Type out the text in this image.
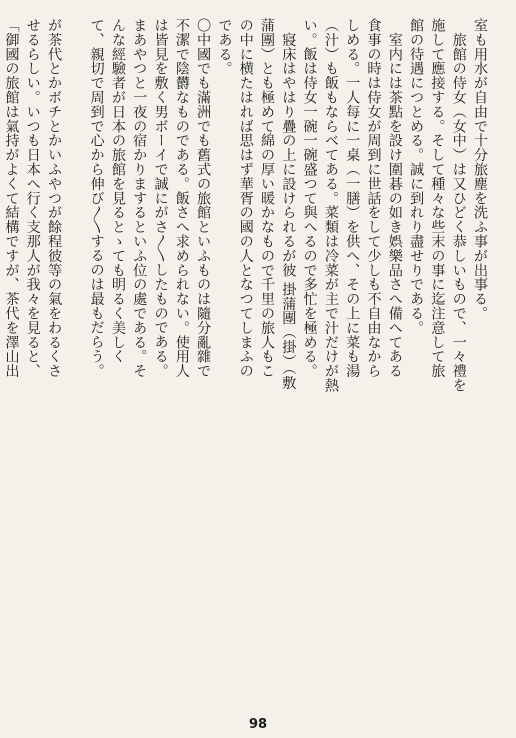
室も用水が自由で十分旅塵を洗ふ事が出事る。
　旅館の侍女（女中）は又ひどく恭しいもので、一々禮を
施して應接する。そして種々な些末の事に迄注意して旅
館の待遇につとめる。誠に到れり盡せりである。
　室内には茶點を設け圍碁の如き娯樂品さへ備へてある
食事の時は侍女が周到に世話をして少しも不自由なから
しめる。一人每に一桌（一膳）を供へ、その上に菜も湯
（汁）も飯もならべてある。菜類は冷菜が主で汁だけが熱
い。飯は侍女一碗一碗盛つて與へるので多忙を極める。
　寢床はやはり疊の上に設けられるが彼 掛蒲團（掛）（敷
蒲團）とも極めて綿の厚い暖かなもので千里の旅人もこ
の中に横たはれば思はず華胥の國の人となつてしまふの
である。
〇中國でも滿洲でも舊式の旅館といふものは隨分亂雜で
不潔で陰欝なものである。飯さへ求められない。使用人
は皆見を敷く男ボーイで誠にがさ〳〵したものである。
まあやつと一夜の宿かりまするといふ位の處である。そ
んな經驗者が日本の旅館を見るとゝても明るく美しく
て、親切で周到で心から伸び〳〵するのは最もだらう。

が茶代とかボチとかいふやつが餘程彼等の氣をわるくさ
せるらしい。いつも日本へ行く支那人が我々を見ると、
「御國の旅館は氣持がよくて結構ですが、茶代を澤山出
98
